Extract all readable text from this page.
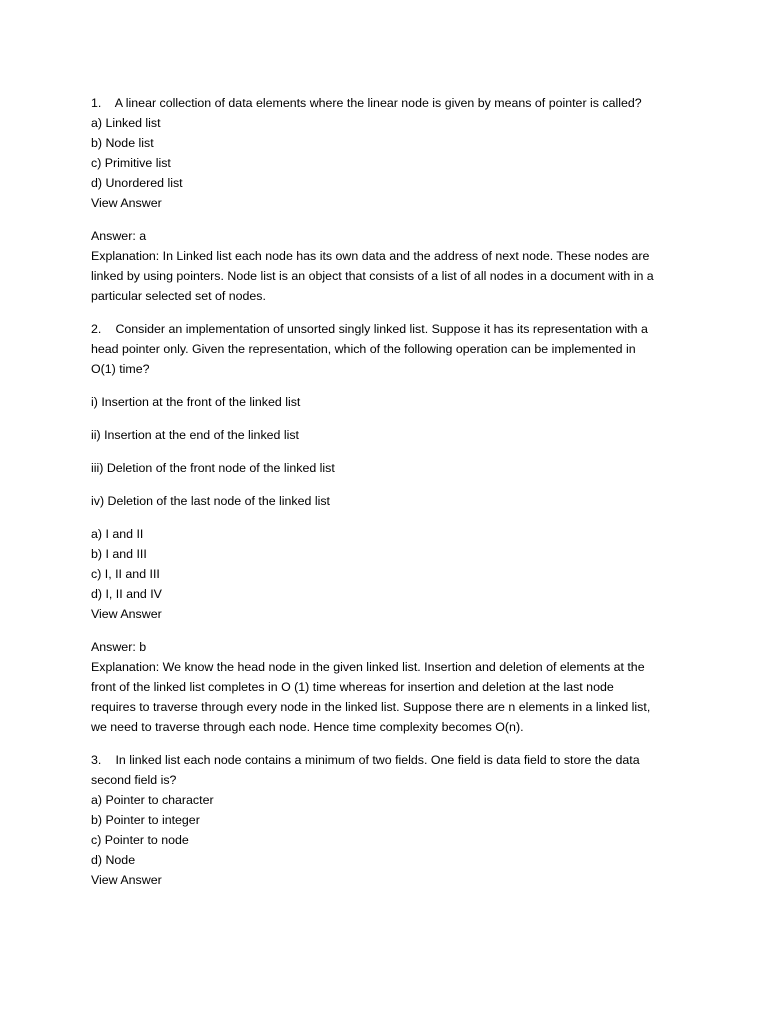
1. A linear collection of data elements where the linear node is given by means of pointer is called?
a) Linked list
b) Node list
c) Primitive list
d) Unordered list
View Answer
Answer: a
Explanation: In Linked list each node has its own data and the address of next node. These nodes are
linked by using pointers. Node list is an object that consists of a list of all nodes in a document with in a
particular selected set of nodes.
2. Consider an implementation of unsorted singly linked list. Suppose it has its representation with a
head pointer only. Given the representation, which of the following operation can be implemented in
O(1) time?
i) Insertion at the front of the linked list
ii) Insertion at the end of the linked list
iii) Deletion of the front node of the linked list
iv) Deletion of the last node of the linked list
a) I and II
b) I and III
c) I, II and III
d) I, II and IV
View Answer
Answer: b
Explanation: We know the head node in the given linked list. Insertion and deletion of elements at the
front of the linked list completes in O (1) time whereas for insertion and deletion at the last node
requires to traverse through every node in the linked list. Suppose there are n elements in a linked list,
we need to traverse through each node. Hence time complexity becomes O(n).
3. In linked list each node contains a minimum of two fields. One field is data field to store the data
second field is?
a) Pointer to character
b) Pointer to integer
c) Pointer to node
d) Node
View Answer
